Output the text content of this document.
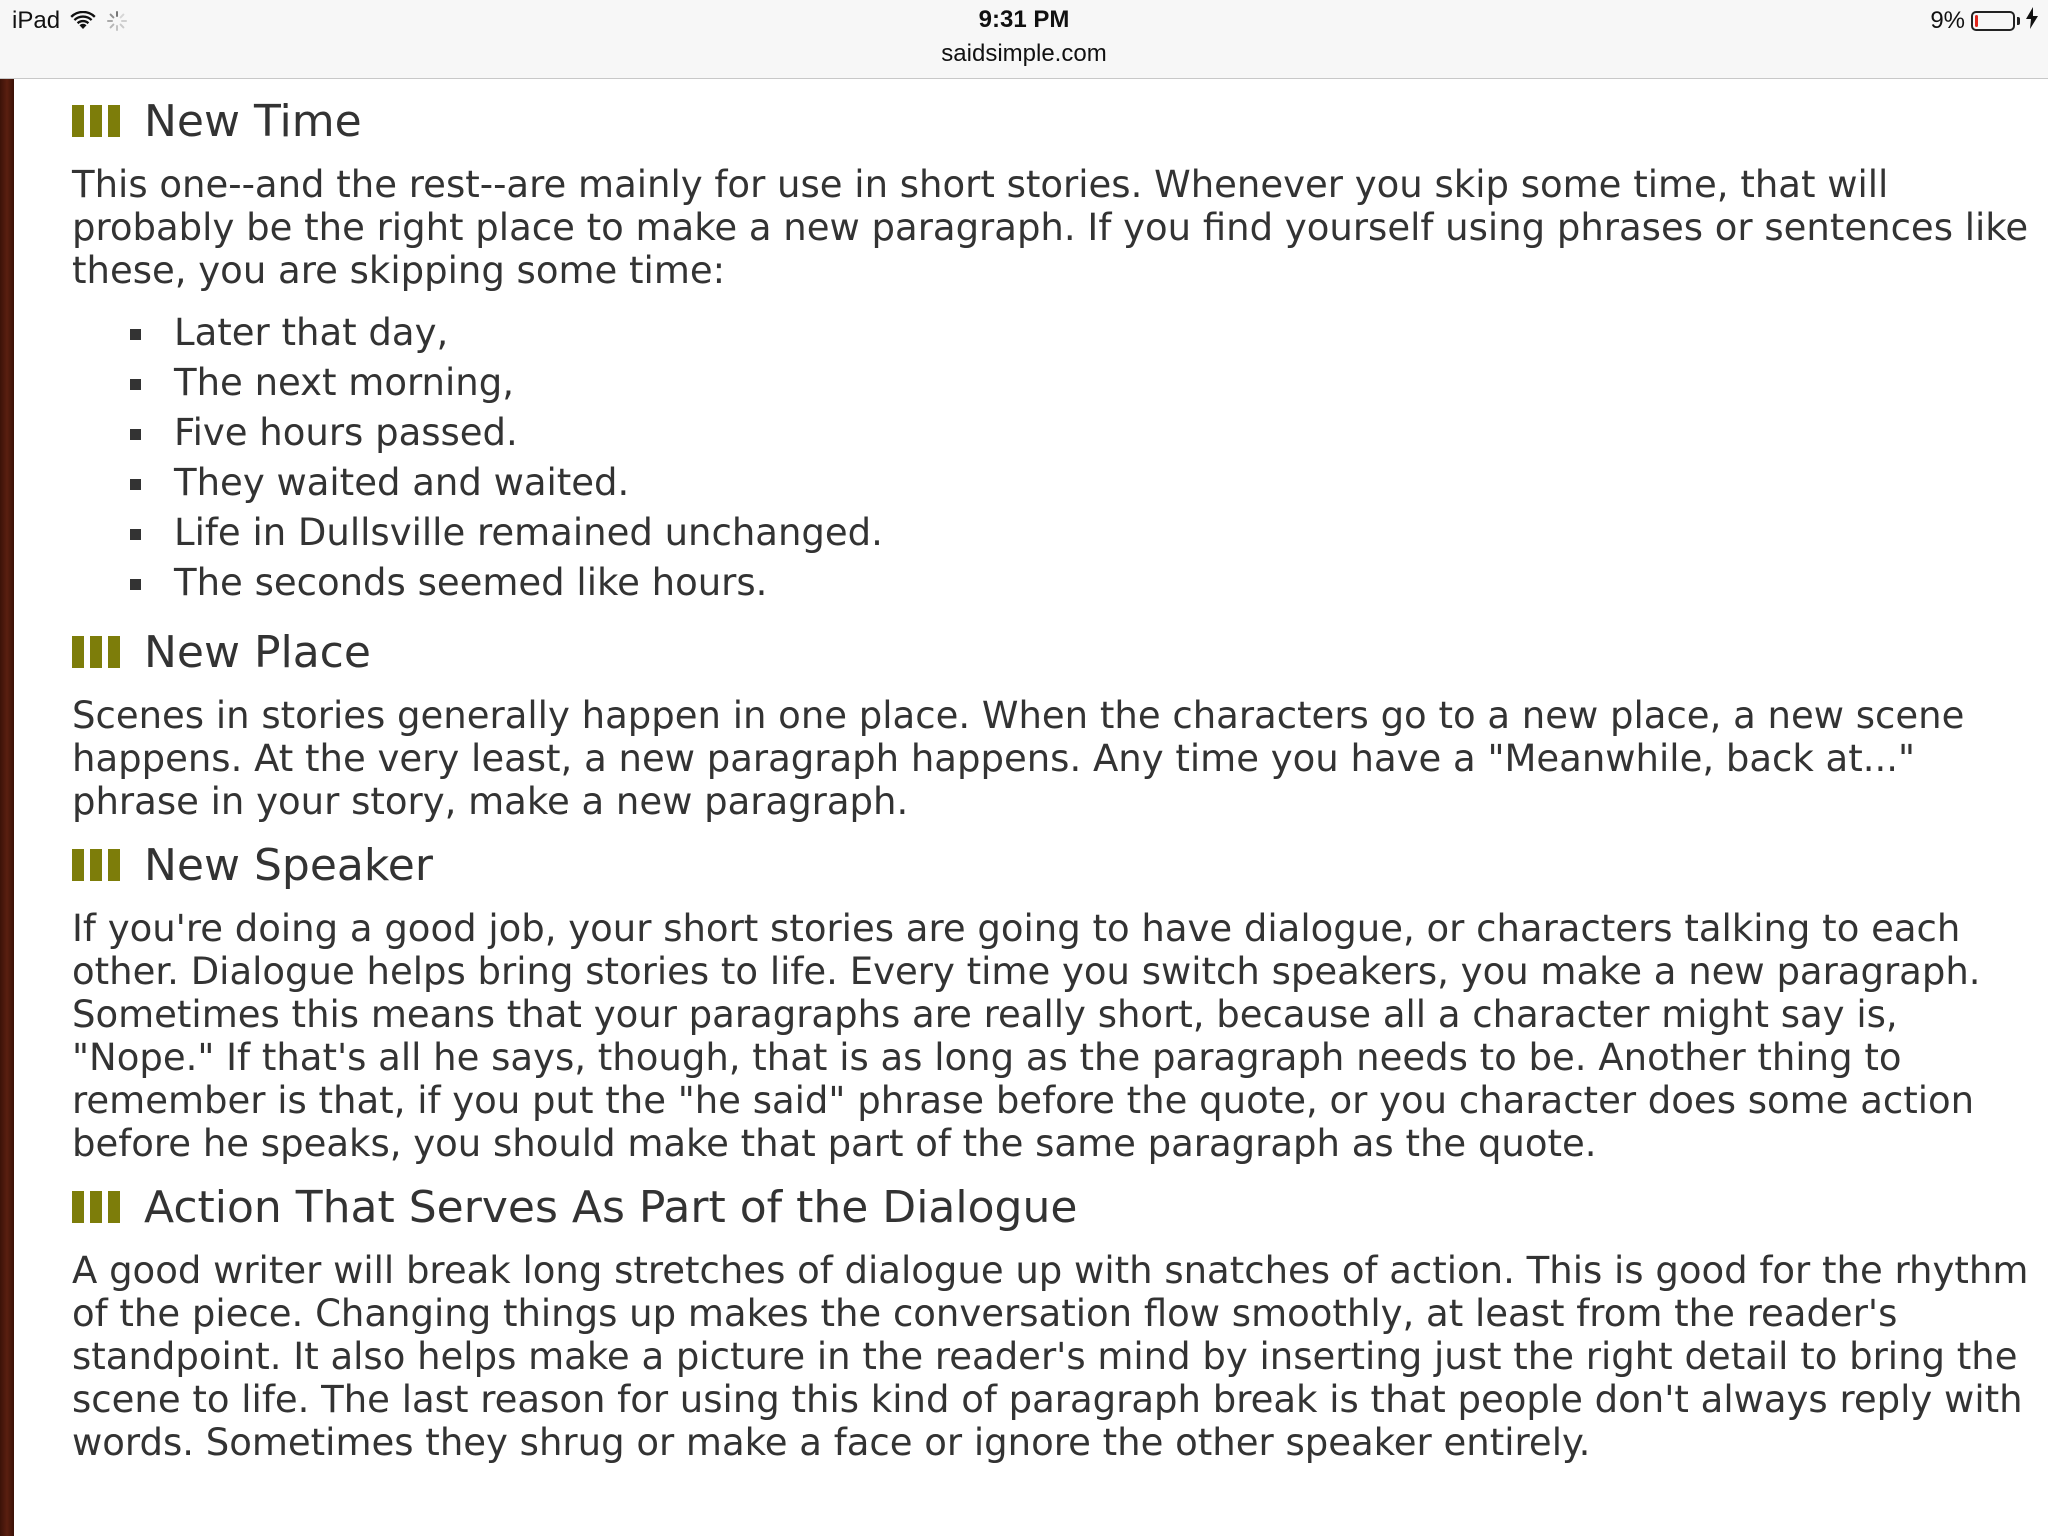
iPad	9:31 PM
saidsimple.com
9%
New Time

This one--and the rest--are mainly for use in short stories. Whenever you skip some time, that will probably be the right place to make a new paragraph. If you find yourself using phrases or sentences like these, you are skipping some time:

Later that day,
The next morning,
Five hours passed.
They waited and waited.
Life in Dullsville remained unchanged.
The seconds seemed like hours.
New Place

Scenes in stories generally happen in one place. When the characters go to a new place, a new scene happens. At the very least, a new paragraph happens. Any time you have a "Meanwhile, back at..." phrase in your story, make a new paragraph.

New Speaker

If you're doing a good job, your short stories are going to have dialogue, or characters talking to each other. Dialogue helps bring stories to life. Every time you switch speakers, you make a new paragraph. Sometimes this means that your paragraphs are really short, because all a character might say is, "Nope." If that's all he says, though, that is as long as the paragraph needs to be. Another thing to remember is that, if you put the "he said" phrase before the quote, or you character does some action before he speaks, you should make that part of the same paragraph as the quote.

Action That Serves As Part of the Dialogue

A good writer will break long stretches of dialogue up with snatches of action. This is good for the rhythm of the piece. Changing things up makes the conversation flow smoothly, at least from the reader's standpoint. It also helps make a picture in the reader's mind by inserting just the right detail to bring the scene to life. The last reason for using this kind of paragraph break is that people don't always reply with words. Sometimes they shrug or make a face or ignore the other speaker entirely.
